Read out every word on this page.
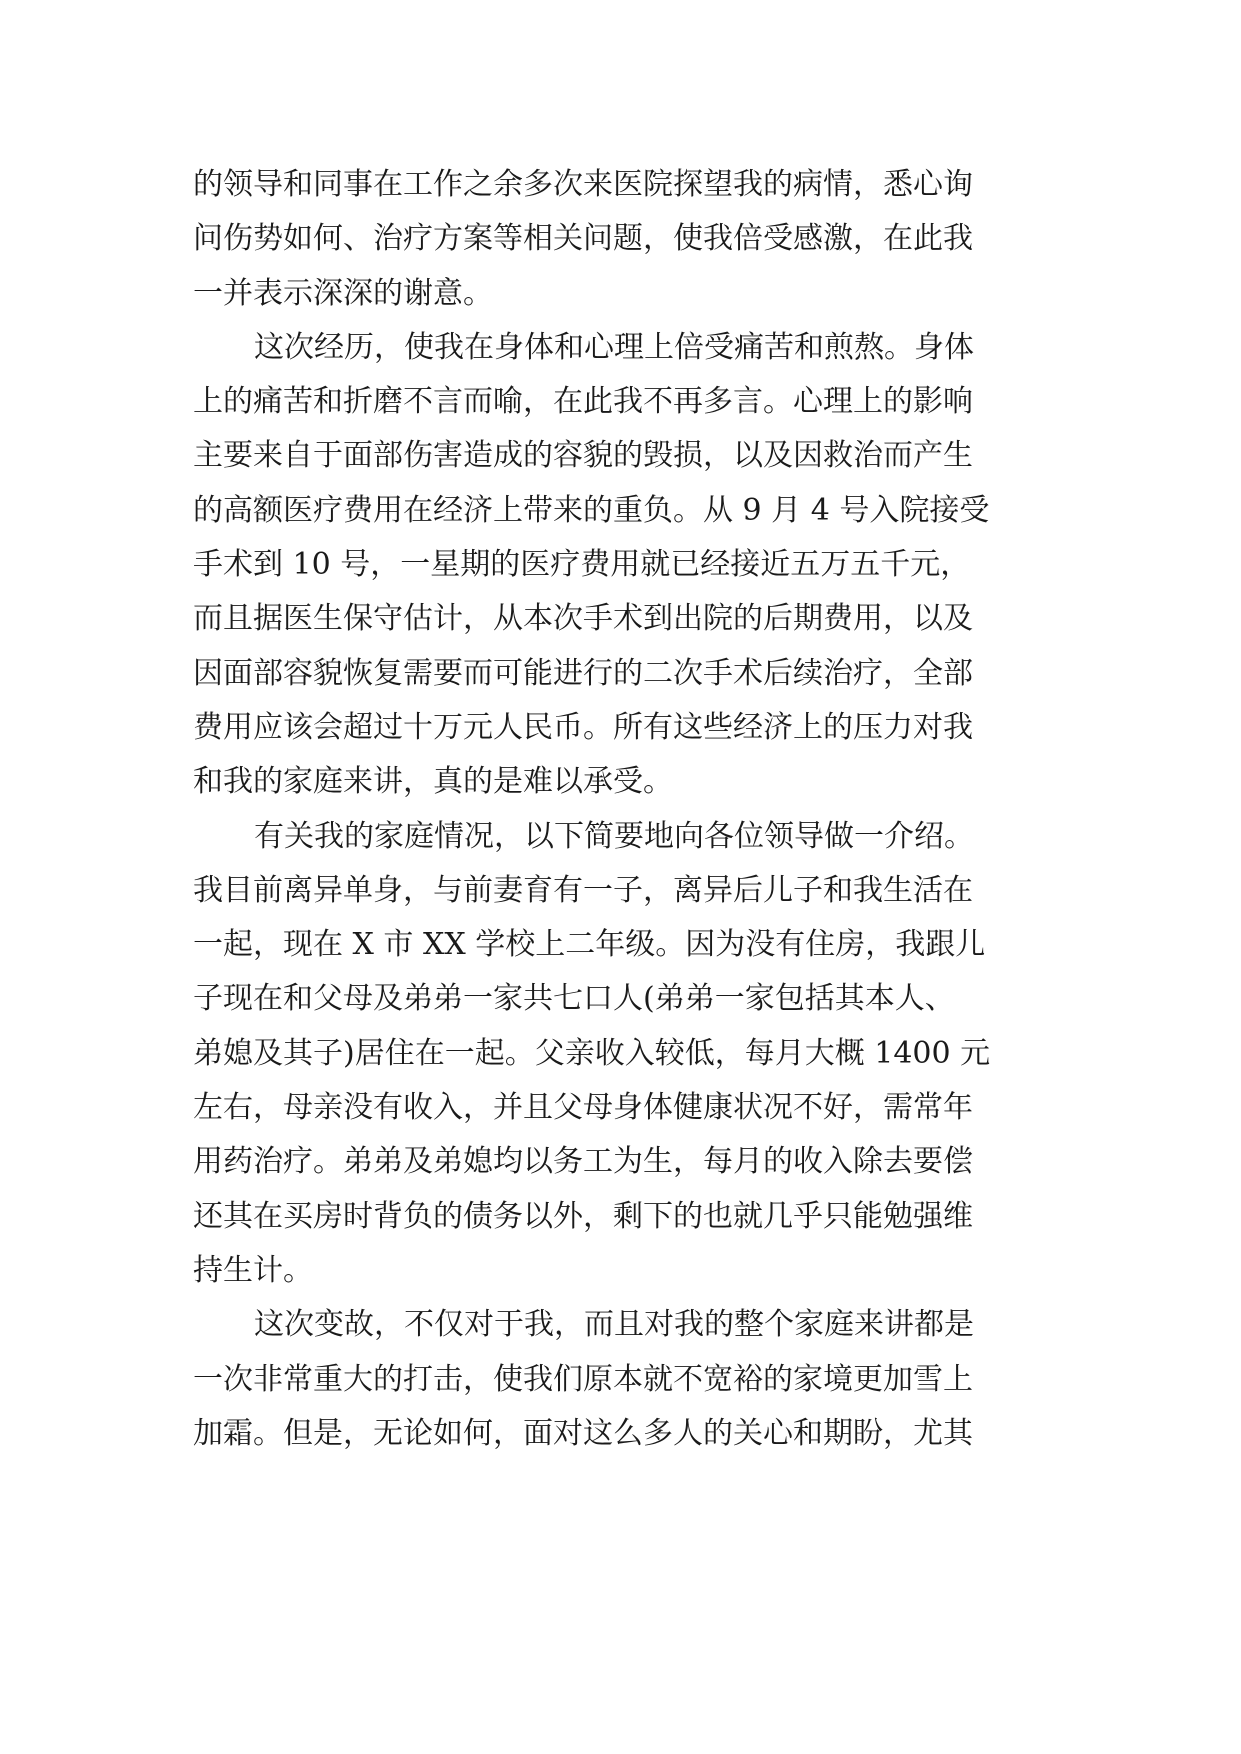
的领导和同事在工作之余多次来医院探望我的病情，悉心询
问伤势如何、治疗方案等相关问题，使我倍受感激，在此我
一并表示深深的谢意。
这次经历，使我在身体和心理上倍受痛苦和煎熬。身体
上的痛苦和折磨不言而喻，在此我不再多言。心理上的影响
主要来自于面部伤害造成的容貌的毁损，以及因救治而产生
的高额医疗费用在经济上带来的重负。从 9 月 4 号入院接受
手术到 10 号，一星期的医疗费用就已经接近五万五千元，
而且据医生保守估计，从本次手术到出院的后期费用，以及
因面部容貌恢复需要而可能进行的二次手术后续治疗，全部
费用应该会超过十万元人民币。所有这些经济上的压力对我
和我的家庭来讲，真的是难以承受。
有关我的家庭情况，以下简要地向各位领导做一介绍。
我目前离异单身，与前妻育有一子，离异后儿子和我生活在
一起，现在 X 市 XX 学校上二年级。因为没有住房，我跟儿
子现在和父母及弟弟一家共七口人(弟弟一家包括其本人、
弟媳及其子)居住在一起。父亲收入较低，每月大概 1400 元
左右，母亲没有收入，并且父母身体健康状况不好，需常年
用药治疗。弟弟及弟媳均以务工为生，每月的收入除去要偿
还其在买房时背负的债务以外，剩下的也就几乎只能勉强维
持生计。
这次变故，不仅对于我，而且对我的整个家庭来讲都是
一次非常重大的打击，使我们原本就不宽裕的家境更加雪上
加霜。但是，无论如何，面对这么多人的关心和期盼，尤其
